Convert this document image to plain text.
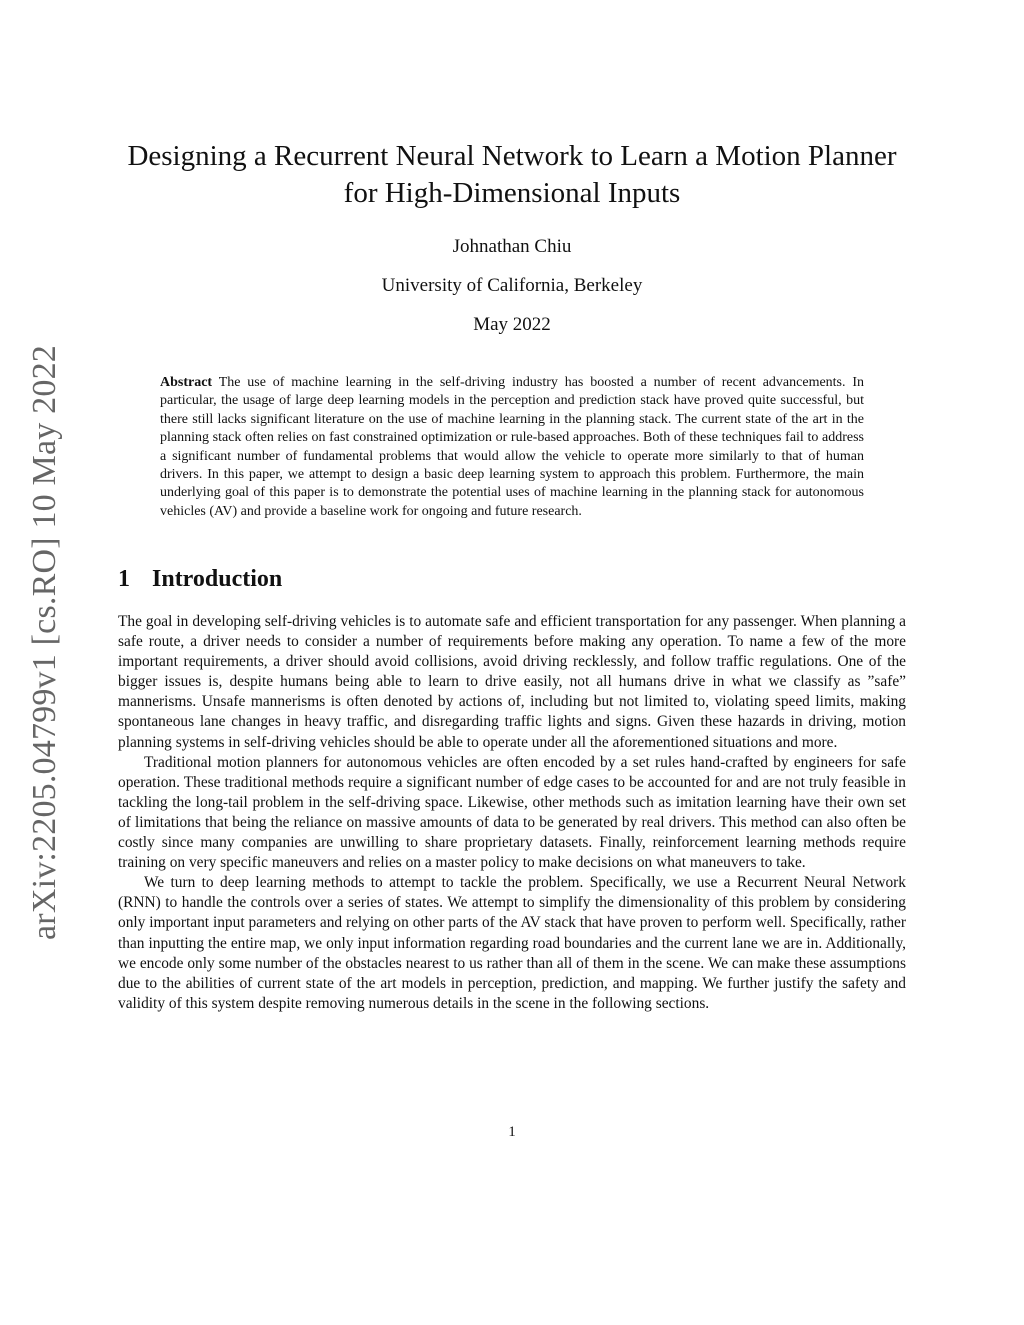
arXiv:2205.04799v1 [cs.RO] 10 May 2022
Designing a Recurrent Neural Network to Learn a Motion Planner for High-Dimensional Inputs
Johnathan Chiu
University of California, Berkeley
May 2022

Abstract The use of machine learning in the self-driving industry has boosted a number of recent advancements. In particular, the usage of large deep learning models in the perception and prediction stack have proved quite successful, but there still lacks significant literature on the use of machine learning in the planning stack. The current state of the art in the planning stack often relies on fast constrained optimization or rule-based approaches. Both of these techniques fail to address a significant number of fundamental problems that would allow the vehicle to operate more similarly to that of human drivers. In this paper, we attempt to design a basic deep learning system to approach this problem. Furthermore, the main underlying goal of this paper is to demonstrate the potential uses of machine learning in the planning stack for autonomous vehicles (AV) and provide a baseline work for ongoing and future research.

1 Introduction

The goal in developing self-driving vehicles is to automate safe and efficient transportation for any passenger. When planning a safe route, a driver needs to consider a number of requirements before making any operation. To name a few of the more important requirements, a driver should avoid collisions, avoid driving recklessly, and follow traffic regulations. One of the bigger issues is, despite humans being able to learn to drive easily, not all humans drive in what we classify as ”safe” mannerisms. Unsafe mannerisms is often denoted by actions of, including but not limited to, violating speed limits, making spontaneous lane changes in heavy traffic, and disregarding traffic lights and signs. Given these hazards in driving, motion planning systems in self-driving vehicles should be able to operate under all the aforementioned situations and more.

Traditional motion planners for autonomous vehicles are often encoded by a set rules hand-crafted by engineers for safe operation. These traditional methods require a significant number of edge cases to be accounted for and are not truly feasible in tackling the long-tail problem in the self-driving space. Likewise, other methods such as imitation learning have their own set of limitations that being the reliance on massive amounts of data to be generated by real drivers. This method can also often be costly since many companies are unwilling to share proprietary datasets. Finally, reinforcement learning methods require training on very specific maneuvers and relies on a master policy to make decisions on what maneuvers to take.

We turn to deep learning methods to attempt to tackle the problem. Specifically, we use a Recurrent Neural Network (RNN) to handle the controls over a series of states. We attempt to simplify the dimensionality of this problem by considering only important input parameters and relying on other parts of the AV stack that have proven to perform well. Specifically, rather than inputting the entire map, we only input information regarding road boundaries and the current lane we are in. Additionally, we encode only some number of the obstacles nearest to us rather than all of them in the scene. We can make these assumptions due to the abilities of current state of the art models in perception, prediction, and mapping. We further justify the safety and validity of this system despite removing numerous details in the scene in the following sections.

1
